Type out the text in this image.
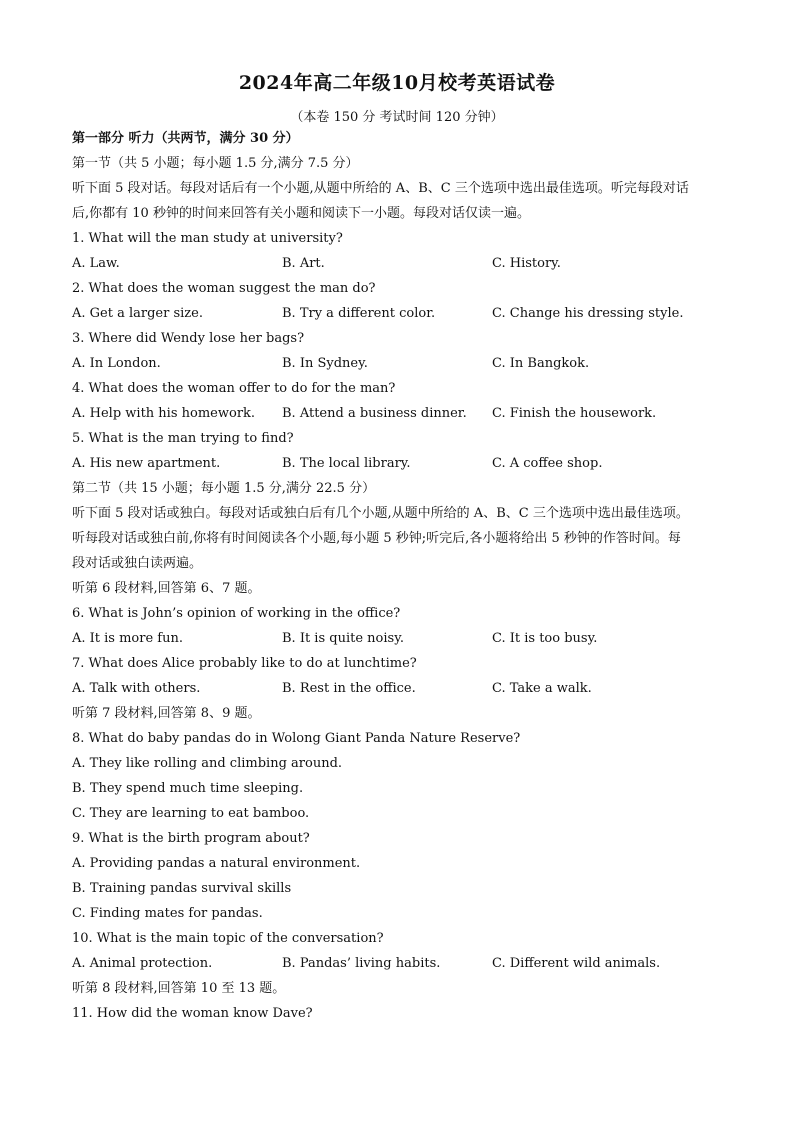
2024年高二年级10月校考英语试卷
（本卷 150 分 考试时间 120 分钟）
第一部分 听力（共两节，满分 30 分）
第一节（共 5 小题；每小题 1.5 分,满分 7.5 分）
听下面 5 段对话。每段对话后有一个小题,从题中所给的 A、B、C 三个选项中选出最佳选项。听完每段对话
后,你都有 10 秒钟的时间来回答有关小题和阅读下一小题。每段对话仅读一遍。
1. What will the man study at university?
A. Law.	B. Art.	C. History.
2. What does the woman suggest the man do?
A. Get a larger size.	B. Try a different color.	C. Change his dressing style.
3. Where did Wendy lose her bags?
A. In London.	B. In Sydney.	C. In Bangkok.
4. What does the woman offer to do for the man?
A. Help with his homework. B. Attend a business dinner. C. Finish the housework.
5. What is the man trying to find?
A. His new apartment.	B. The local library.	C. A coffee shop.
第二节（共 15 小题；每小题 1.5 分,满分 22.5 分）
听下面 5 段对话或独白。每段对话或独白后有几个小题,从题中所给的 A、B、C 三个选项中选出最佳选项。
听每段对话或独白前,你将有时间阅读各个小题,每小题 5 秒钟;听完后,各小题将给出 5 秒钟的作答时间。每
段对话或独白读两遍。
听第 6 段材料,回答第 6、7 题。
6. What is John’s opinion of working in the office?
A. It is more fun.	B. It is quite noisy.	C. It is too busy.
7. What does Alice probably like to do at lunchtime?
A. Talk with others.	B. Rest in the office.	C. Take a walk.
听第 7 段材料,回答第 8、9 题。
8. What do baby pandas do in Wolong Giant Panda Nature Reserve?
A. They like rolling and climbing around.
B. They spend much time sleeping.
C. They are learning to eat bamboo.
9. What is the birth program about?
A. Providing pandas a natural environment.
B. Training pandas survival skills
C. Finding mates for pandas.
10. What is the main topic of the conversation?
A. Animal protection.	B. Pandas’ living habits.	C. Different wild animals.
听第 8 段材料,回答第 10 至 13 题。
11. How did the woman know Dave?
